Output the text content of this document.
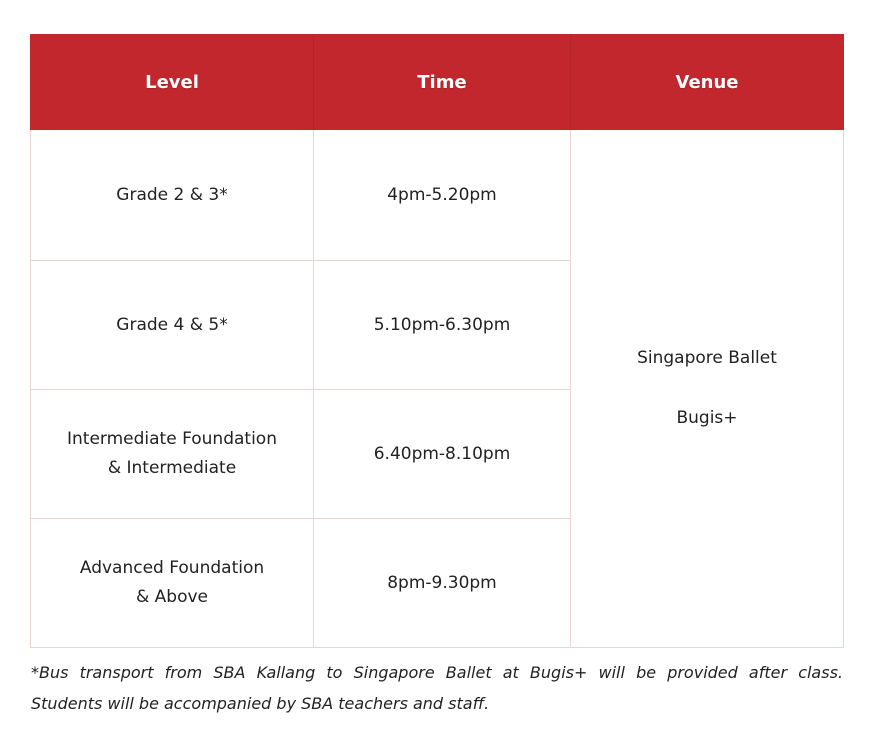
Level	Time	Venue

Grade 2 & 3*	4pm-5.20pm	Singapore Ballet
Bugis+

Grade 4 & 5*	5.10pm-6.30pm	

Intermediate Foundation
& Intermediate	6.40pm-8.10pm	

Advanced Foundation
& Above	8pm-9.30pm	
*Bus transport from SBA Kallang to Singapore Ballet at Bugis+ will be provided after class.
Students will be accompanied by SBA teachers and staff.
